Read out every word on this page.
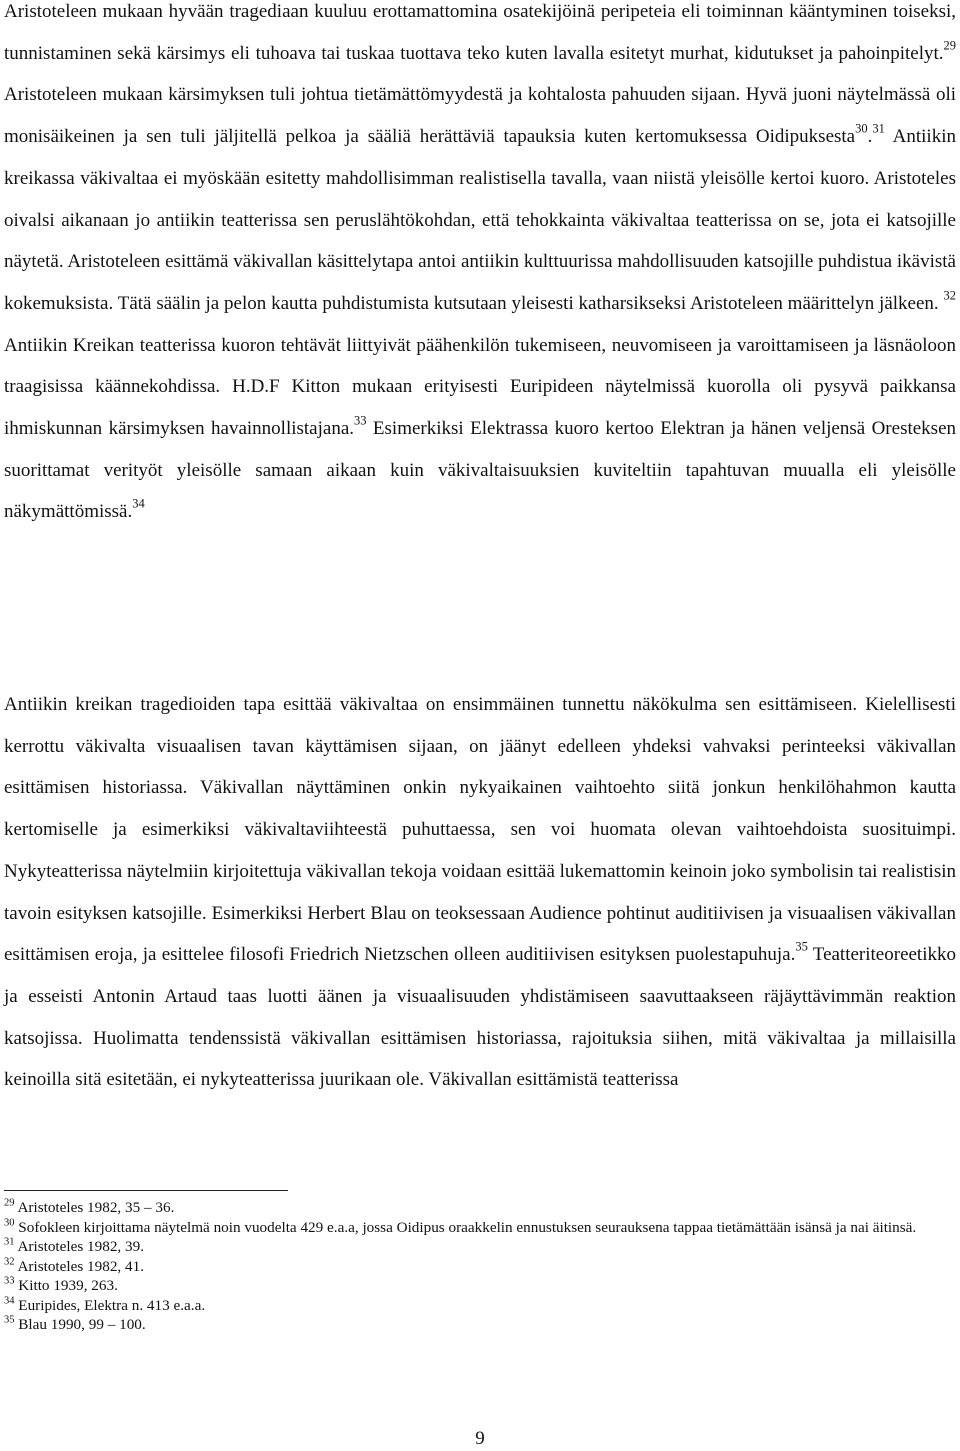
Aristoteleen mukaan hyvään tragediaan kuuluu erottamattomina osatekijöinä peripeteia eli toiminnan kääntyminen toiseksi, tunnistaminen sekä kärsimys eli tuhoava tai tuskaa tuottava teko kuten lavalla esitetyt murhat, kidutukset ja pahoinpitelyt.$^{29}$ Aristoteleen mukaan kärsimyksen tuli johtua tietämättömyydestä ja kohtalosta pahuuden sijaan. Hyvä juoni näytelmässä oli monisäikeinen ja sen tuli jäljitellä pelkoa ja sääliä herättäviä tapauksia kuten kertomuksessa Oidipuksesta$^{30}$.$^{31}$ Antiikin kreikassa väkivaltaa ei myöskään esitetty mahdollisimman realistisella tavalla, vaan niistä yleisölle kertoi kuoro. Aristoteles oivalsi aikanaan jo antiikin teatterissa sen peruslähtökohdan, että tehokkainta väkivaltaa teatterissa on se, jota ei katsojille näytetä. Aristoteleen esittämä väkivallan käsittelytapa antoi antiikin kulttuurissa mahdollisuuden katsojille puhdistua ikävistä kokemuksista. Tätä säälin ja pelon kautta puhdistumista kutsutaan yleisesti katharsikseksi Aristoteleen määrittelyn jälkeen. $^{32}$ Antiikin Kreikan teatterissa kuoron tehtävät liittyivät päähenkilön tukemiseen, neuvomiseen ja varoittamiseen ja läsnäoloon traagisissa käännekohdissa. H.D.F Kitton mukaan erityisesti Euripideen näytelmissä kuorolla oli pysyvä paikkansa ihmiskunnan kärsimyksen havainnollistajana.$^{33}$ Esimerkiksi Elektrassa kuoro kertoo Elektran ja hänen veljensä Oresteksen suorittamat verityöt yleisölle samaan aikaan kuin väkivaltaisuuksien kuviteltiin tapahtuvan muualla eli yleisölle näkymättömissä.$^{34}$

Antiikin kreikan tragedioiden tapa esittää väkivaltaa on ensimmäinen tunnettu näkökulma sen esittämiseen. Kielellisesti kerrottu väkivalta visuaalisen tavan käyttämisen sijaan, on jäänyt edelleen yhdeksi vahvaksi perinteeksi väkivallan esittämisen historiassa. Väkivallan näyttäminen onkin nykyaikainen vaihtoehto siitä jonkun henkilöhahmon kautta kertomiselle ja esimerkiksi väkivaltaviihteestä puhuttaessa, sen voi huomata olevan vaihtoehdoista suosituimpi. Nykyteatterissa näytelmiin kirjoitettuja väkivallan tekoja voidaan esittää lukemattomin keinoin joko symbolisin tai realistisin tavoin esityksen katsojille. Esimerkiksi Herbert Blau on teoksessaan Audience pohtinut auditiivisen ja visuaalisen väkivallan esittämisen eroja, ja esittelee filosofi Friedrich Nietzschen olleen auditiivisen esityksen puolestapuhuja.$^{35}$ Teatteriteoreetikko ja esseisti Antonin Artaud taas luotti äänen ja visuaalisuuden yhdistämiseen saavuttaakseen räjäyttävimmän reaktion katsojissa. Huolimatta tendenssistä väkivallan esittämisen historiassa, rajoituksia siihen, mitä väkivaltaa ja millaisilla keinoilla sitä esitetään, ei nykyteatterissa juurikaan ole. Väkivallan esittämistä teatterissa

$^{29}$ Aristoteles 1982, 35 – 36.
$^{30}$ Sofokleen kirjoittama näytelmä noin vuodelta 429 e.a.a, jossa Oidipus oraakkelin ennustuksen seurauksena tappaa tietämättään isänsä ja nai äitinsä.
$^{31}$ Aristoteles 1982, 39.
$^{32}$ Aristoteles 1982, 41.
$^{33}$ Kitto 1939, 263.
$^{34}$ Euripides, Elektra n. 413 e.a.a.
$^{35}$ Blau 1990, 99 – 100.
9
